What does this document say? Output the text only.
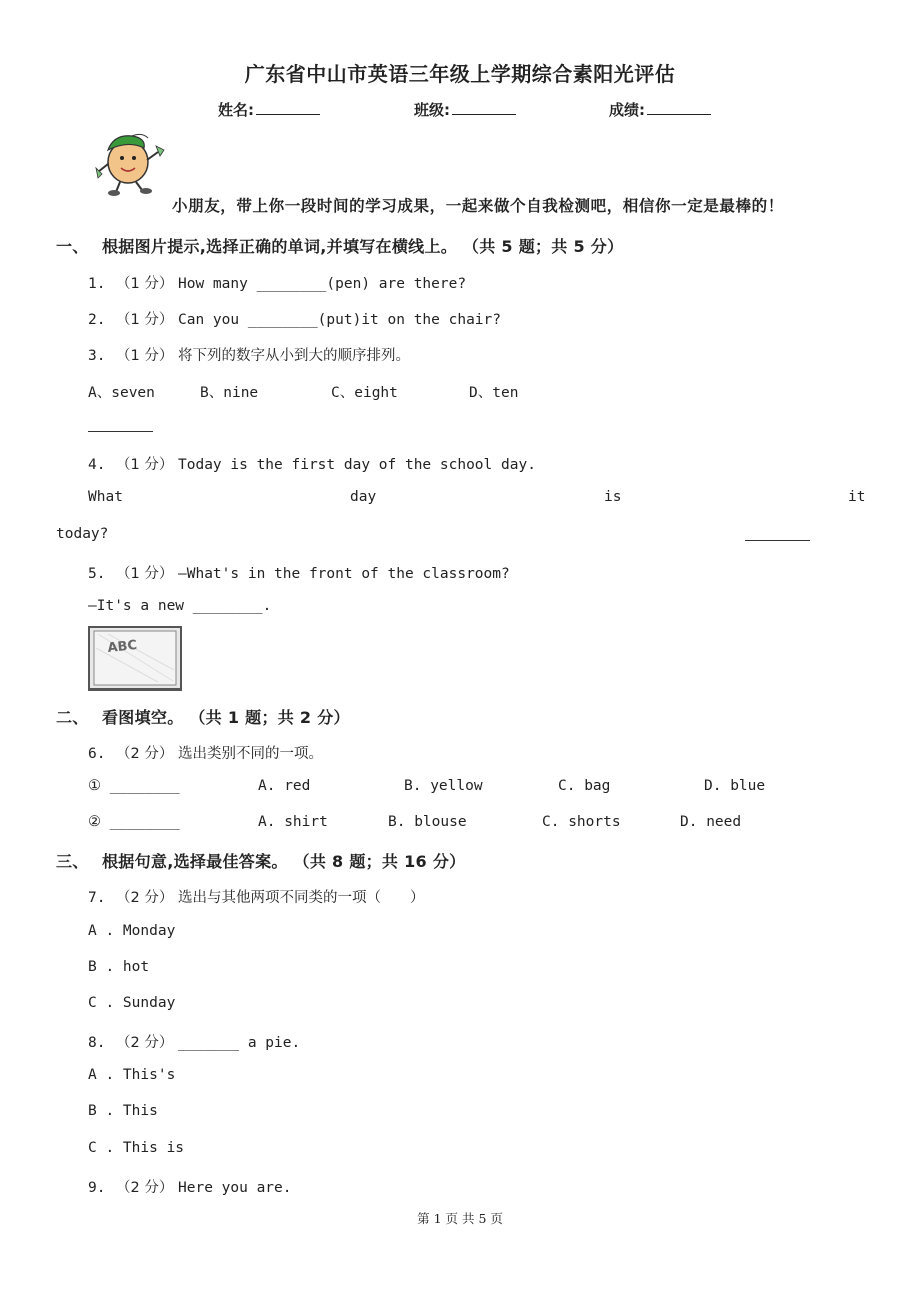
广东省中山市英语三年级上学期综合素阳光评估
姓名:	班级:	成绩:
小朋友，带上你一段时间的学习成果，一起来做个自我检测吧，相信你一定是最棒的！
一、 根据图片提示,选择正确的单词,并填写在横线上。 （共 5 题；共 5 分）
1. （1 分） How many ________(pen) are there?
2. （1 分） Can you ________(put)it on the chair?
3. （1 分） 将下列的数字从小到大的顺序排列。
A、seven	B、nine	C、eight	D、ten
4. （1 分） Today is the first day of the school day.
What	day	is	it
today?
5. （1 分） —What's in the front of the classroom?
—It's a new ________.
ABC
二、 看图填空。 （共 1 题；共 2 分）
6. （2 分） 选出类别不同的一项。
① ________	A. red	B. yellow	C. bag	D. blue
② ________	A. shirt	B. blouse	C. shorts	D. need
三、 根据句意,选择最佳答案。 （共 8 题；共 16 分）
7. （2 分） 选出与其他两项不同类的一项（　　）
A . Monday
B . hot
C . Sunday
8. （2 分） _______ a pie.
A . This's
B . This
C . This is
9. （2 分） Here you are.
第 1 页 共 5 页
